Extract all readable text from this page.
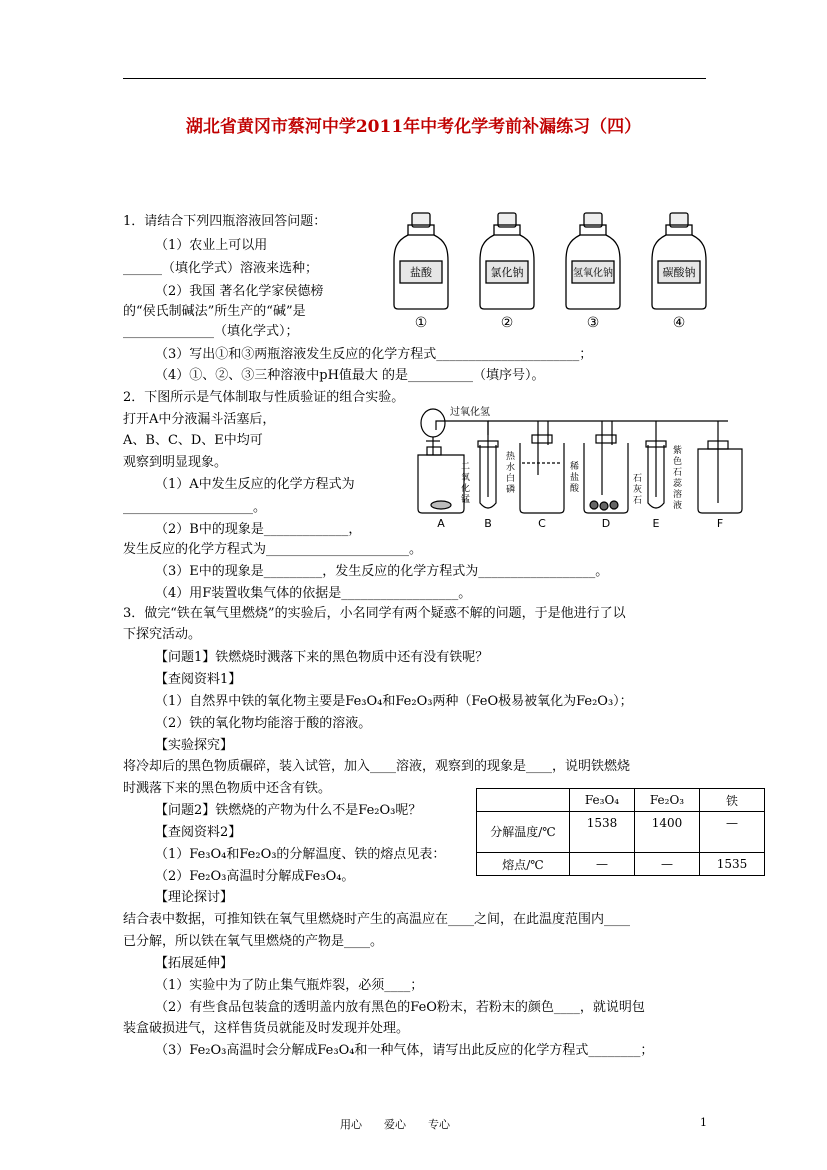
湖北省黄冈市蔡河中学2011年中考化学考前补漏练习（四）
1．请结合下列四瓶溶液回答问题：
（1）农业上可以用
______（填化学式）溶液来选种；
（2）我国 著名化学家侯德榜
的“侯氏制碱法”所生产的“碱”是
______________（填化学式）；
（3）写出①和③两瓶溶液发生反应的化学方程式______________________；
（4）①、②、③三种溶液中pH值最大 的是__________（填序号）。
盐酸	氯化钠	氢氧化钠	碳酸钠
①	②	③	④
2．下图所示是气体制取与性质验证的组合实验。
打开A中分液漏斗活塞后，
A、B、C、D、E中均可
观察到明显现象。
（1）A中发生反应的化学方程式为
____________________。
（2）B中的现象是_____________，
发生反应的化学方程式为______________________。
（3）E中的现象是_________，发生反应的化学方程式为__________________。
（4）用F装置收集气体的依据是__________________。
过氧化氢
A	B	C	D	E	F
二氧化锰
热水白磷
稀盐酸
石灰石
紫色石蕊溶液
3．做完“铁在氧气里燃烧”的实验后，小名同学有两个疑惑不解的问题，于是他进行了以
下探究活动。
【问题1】铁燃烧时溅落下来的黑色物质中还有没有铁呢？
【查阅资料1】
（1）自然界中铁的氧化物主要是Fe₃O₄和Fe₂O₃两种（FeO极易被氧化为Fe₂O₃）；
（2）铁的氧化物均能溶于酸的溶液。
【实验探究】
将冷却后的黑色物质碾碎，装入试管，加入____溶液，观察到的现象是____，说明铁燃烧
时溅落下来的黑色物质中还含有铁。
【问题2】铁燃烧的产物为什么不是Fe₂O₃呢？
【查阅资料2】
（1）Fe₃O₄和Fe₂O₃的分解温度、铁的熔点见表：
（2）Fe₂O₃高温时分解成Fe₃O₄。
【理论探讨】
结合表中数据，可推知铁在氧气里燃烧时产生的高温应在____之间，在此温度范围内____
已分解，所以铁在氧气里燃烧的产物是____。
【拓展延伸】
（1）实验中为了防止集气瓶炸裂，必须____；
（2）有些食品包装盒的透明盖内放有黑色的FeO粉末，若粉末的颜色____，就说明包
装盒破损进气，这样售货员就能及时发现并处理。
（3）Fe₂O₃高温时会分解成Fe₃O₄和一种气体，请写出此反应的化学方程式________；
	Fe₃O₄	Fe₂O₃	铁
分解温度/℃	1538	1400	—
熔点/℃	—	—	1535
用心　　爱心　　专心	1
